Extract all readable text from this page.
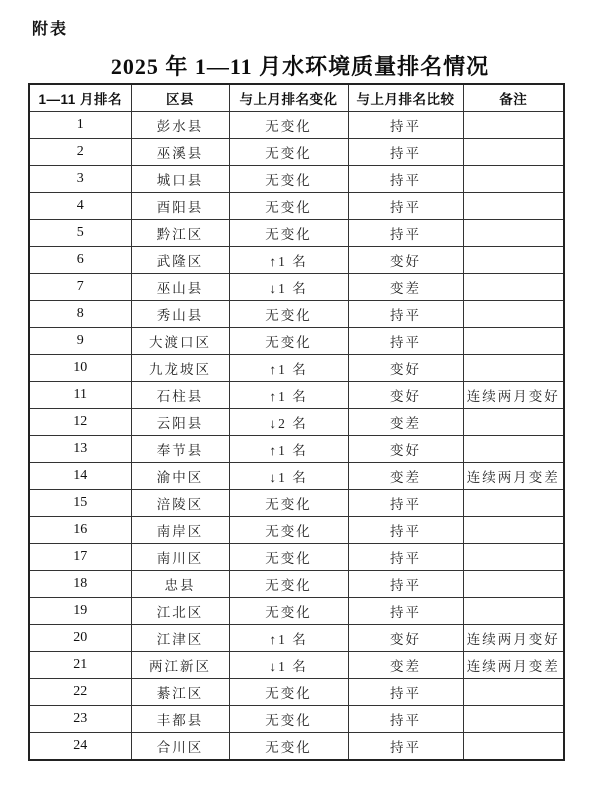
附表
2025 年 1—11 月水环境质量排名情况
1—11 月排名	区县	与上月排名变化	与上月排名比较	备注
1	彭水县	无变化	持平	
2	巫溪县	无变化	持平	
3	城口县	无变化	持平	
4	酉阳县	无变化	持平	
5	黔江区	无变化	持平	
6	武隆区	↑1 名	变好	
7	巫山县	↓1 名	变差	
8	秀山县	无变化	持平	
9	大渡口区	无变化	持平	
10	九龙坡区	↑1 名	变好	
11	石柱县	↑1 名	变好	连续两月变好
12	云阳县	↓2 名	变差	
13	奉节县	↑1 名	变好	
14	渝中区	↓1 名	变差	连续两月变差
15	涪陵区	无变化	持平	
16	南岸区	无变化	持平	
17	南川区	无变化	持平	
18	忠县	无变化	持平	
19	江北区	无变化	持平	
20	江津区	↑1 名	变好	连续两月变好
21	两江新区	↓1 名	变差	连续两月变差
22	綦江区	无变化	持平	
23	丰都县	无变化	持平	
24	合川区	无变化	持平	
